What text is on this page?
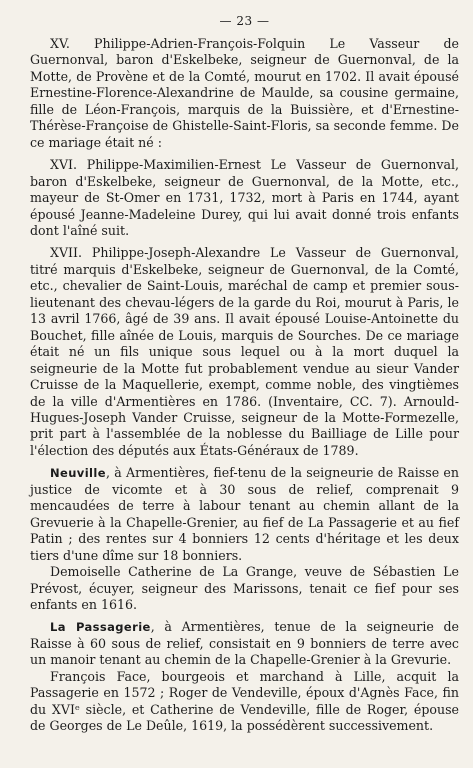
— 23 —

XV. Philippe-Adrien-François-Folquin Le Vasseur de Guernonval, baron d'Eskelbeke, seigneur de Guernonval, de la Motte, de Provène et de la Comté, mourut en 1702. Il avait épousé Ernestine-Florence-Alexandrine de Maulde, sa cousine germaine, fille de Léon-François, marquis de la Buissière, et d'Ernestine-Thérèse-Françoise de Ghistelle-Saint-Floris, sa seconde femme. De ce mariage était né :

XVI. Philippe-Maximilien-Ernest Le Vasseur de Guernonval, baron d'Eskelbeke, seigneur de Guernonval, de la Motte, etc., mayeur de St-Omer en 1731, 1732, mort à Paris en 1744, ayant épousé Jeanne-Madeleine Durey, qui lui avait donné trois enfants dont l'aîné suit.

XVII. Philippe-Joseph-Alexandre Le Vasseur de Guernonval, titré marquis d'Eskelbeke, seigneur de Guernonval, de la Comté, etc., chevalier de Saint-Louis, maréchal de camp et premier sous-lieutenant des chevau-légers de la garde du Roi, mourut à Paris, le 13 avril 1766, âgé de 39 ans. Il avait épousé Louise-Antoinette du Bouchet, fille aînée de Louis, marquis de Sourches. De ce mariage était né un fils unique sous lequel ou à la mort duquel la seigneurie de la Motte fut probablement vendue au sieur Vander Cruisse de la Maquellerie, exempt, comme noble, des vingtièmes de la ville d'Armentières en 1786. (Inventaire, CC. 7). Arnould-Hugues-Joseph Vander Cruisse, seigneur de la Motte-Formezelle, prit part à l'assemblée de la noblesse du Bailliage de Lille pour l'élection des députés aux États-Généraux de 1789.

Neuville, à Armentières, fief-tenu de la seigneurie de Raisse en justice de vicomte et à 30 sous de relief, comprenait 9 mencaudées de terre à labour tenant au chemin allant de la Grevuerie à la Chapelle-Grenier, au fief de La Passagerie et au fief Patin ; des rentes sur 4 bonniers 12 cents d'héritage et les deux tiers d'une dîme sur 18 bonniers.

Demoiselle Catherine de La Grange, veuve de Sébastien Le Prévost, écuyer, seigneur des Marissons, tenait ce fief pour ses enfants en 1616.

La Passagerie, à Armentières, tenue de la seigneurie de Raisse à 60 sous de relief, consistait en 9 bonniers de terre avec un manoir tenant au chemin de la Chapelle-Grenier à la Grevurie.

François Face, bourgeois et marchand à Lille, acquit la Passagerie en 1572 ; Roger de Vendeville, époux d'Agnès Face, fin du XVIᵉ siècle, et Catherine de Vendeville, fille de Roger, épouse de Georges de Le Deûle, 1619, la possédèrent successivement.
